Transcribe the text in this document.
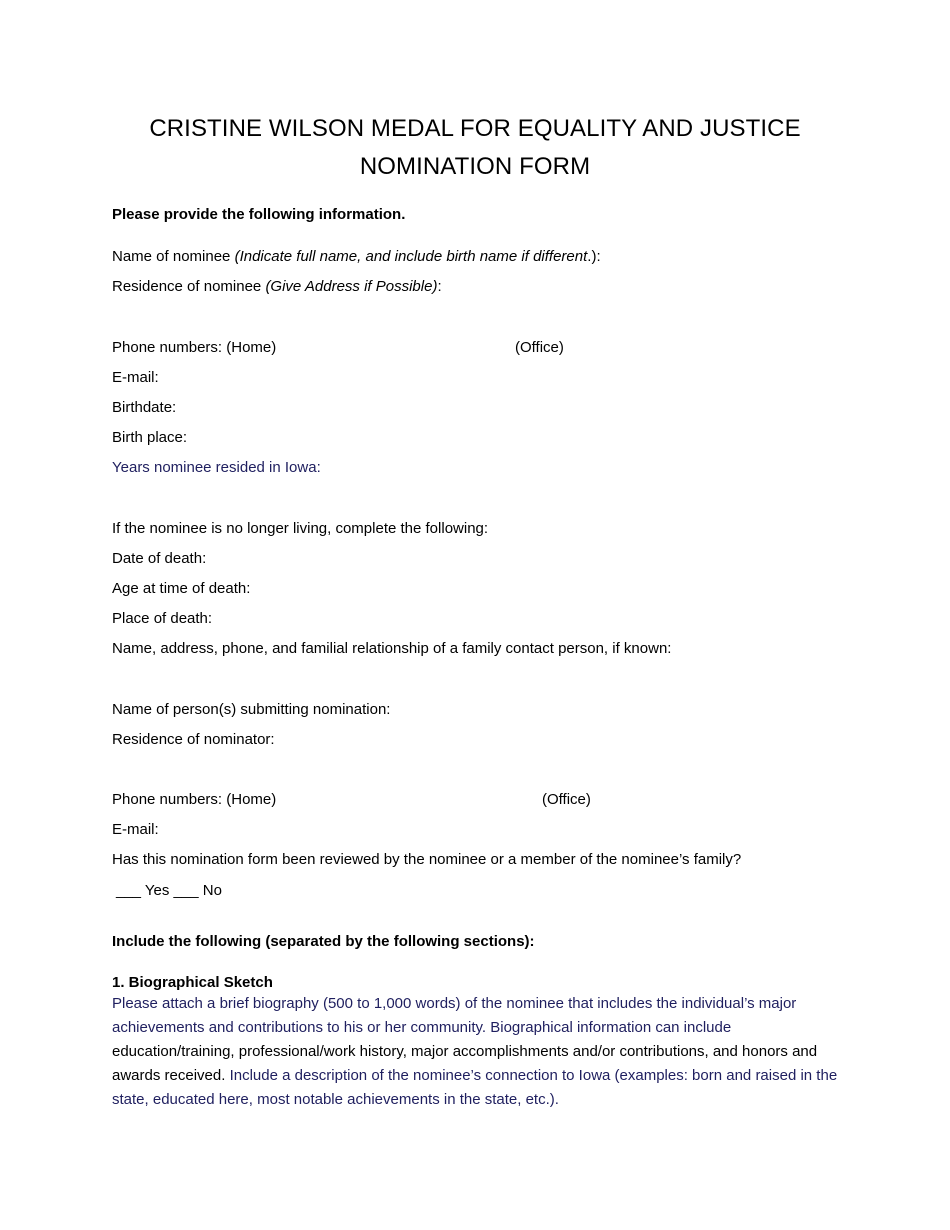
CRISTINE WILSON MEDAL FOR EQUALITY AND JUSTICE
NOMINATION FORM
Please provide the following information.
Name of nominee (Indicate full name, and include birth name if different.):
Residence of nominee (Give Address if Possible):
Phone numbers: (Home)	(Office)
E-mail:
Birthdate:
Birth place:
Years nominee resided in Iowa:
If the nominee is no longer living, complete the following:
Date of death:
Age at time of death:
Place of death:
Name, address, phone, and familial relationship of a family contact person, if known:
Name of person(s) submitting nomination:
Residence of nominator:
Phone numbers: (Home)	(Office)
E-mail:
Has this nomination form been reviewed by the nominee or a member of the nominee’s family?
___ Yes ___ No
Include the following (separated by the following sections):
1. Biographical Sketch
Please attach a brief biography (500 to 1,000 words) of the nominee that includes the individual’s major achievements and contributions to his or her community. Biographical information can include education/training, professional/work history, major accomplishments and/or contributions, and honors and awards received. Include a description of the nominee’s connection to Iowa (examples: born and raised in the state, educated here, most notable achievements in the state, etc.).
